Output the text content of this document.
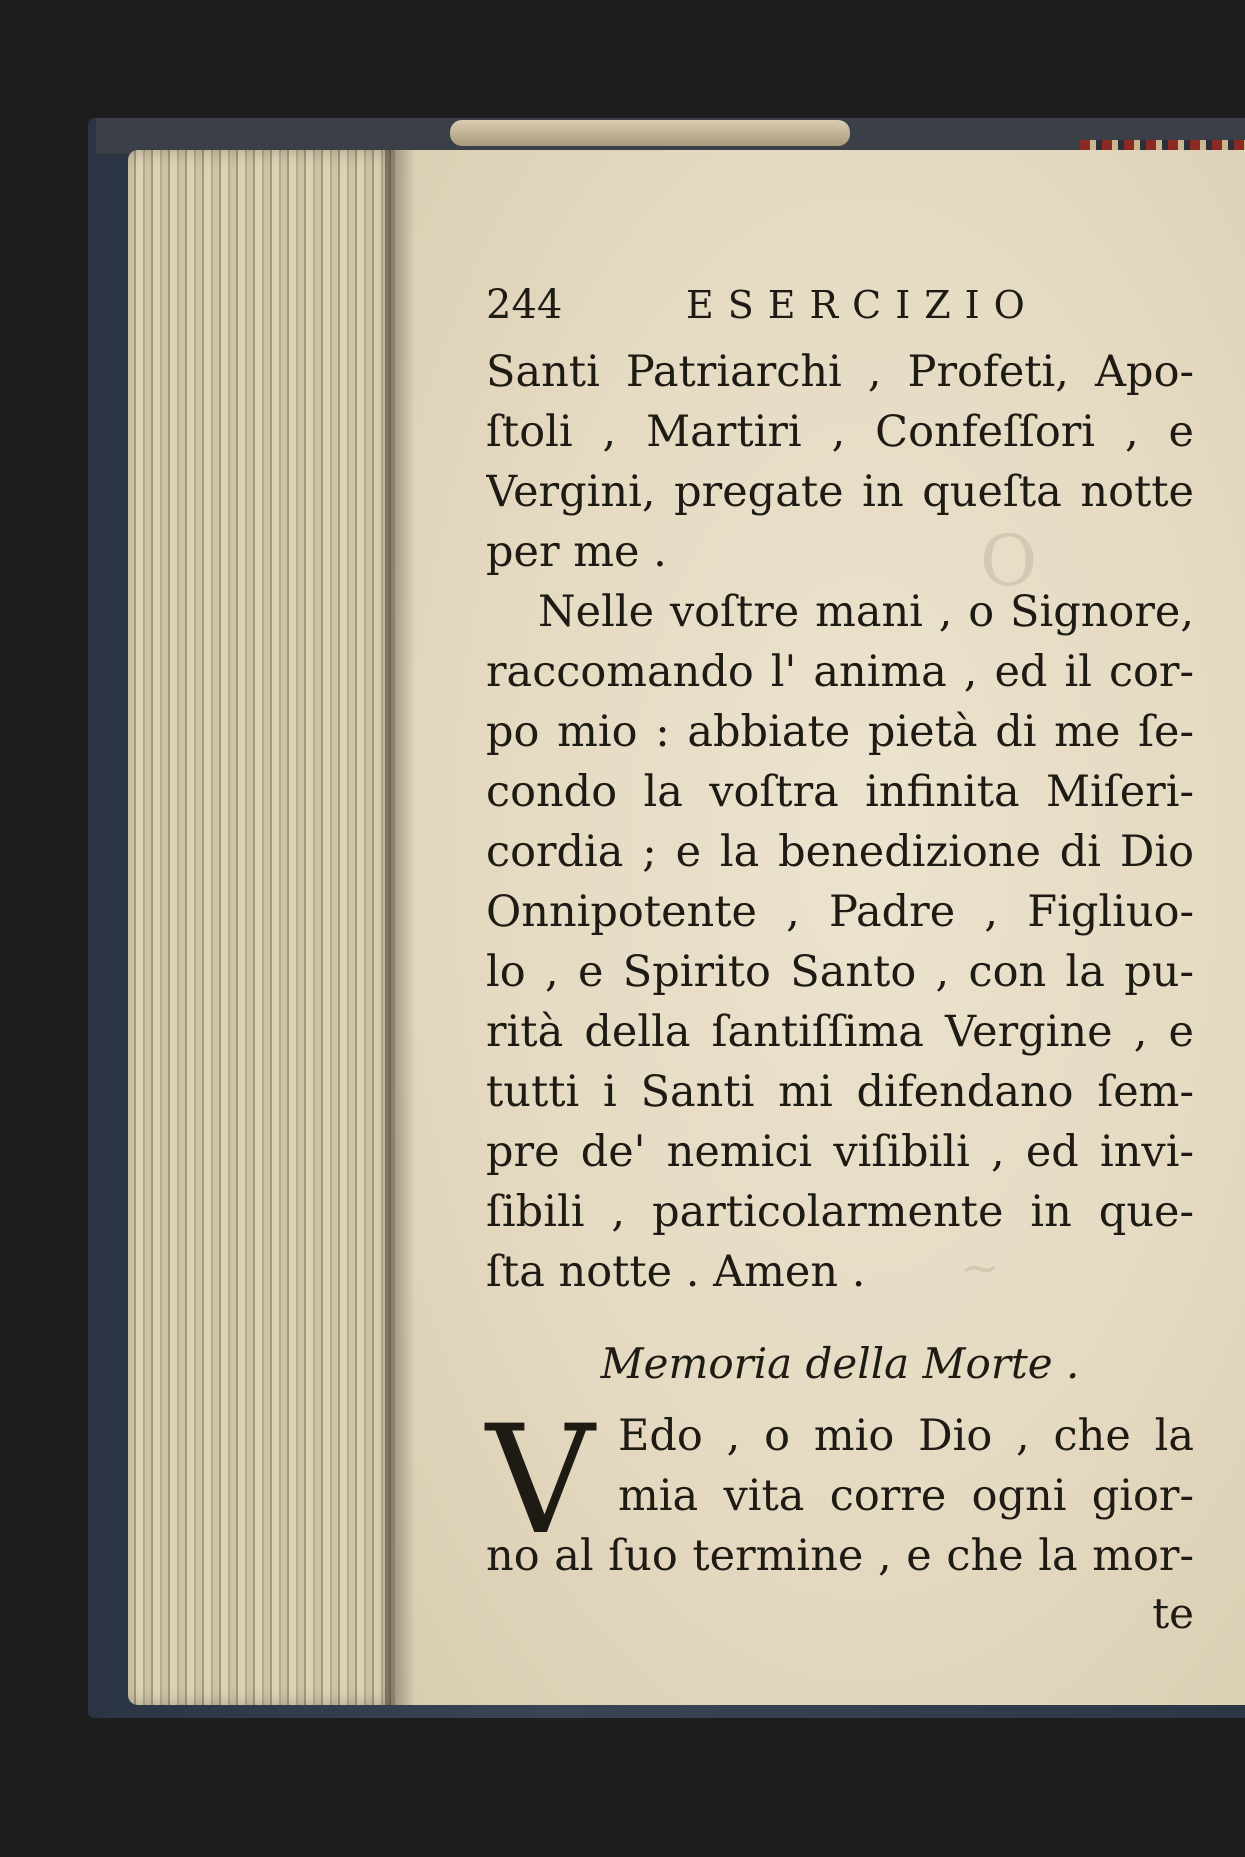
O
~
244	ESERCIZIO
Santi Patriarchi , Profeti, Apo-
ſtoli , Martiri , Confeſſori , e
Vergini, pregate in queſta notte
per me .
Nelle voſtre mani , o Signore,
raccomando l' anima , ed il cor-
po mio : abbiate pietà di me ſe-
condo la voſtra infinita Miſeri-
cordia ; e la benedizione di Dio
Onnipotente , Padre , Figliuo-
lo , e Spirito Santo , con la pu-
rità della ſantiſſima Vergine , e
tutti i Santi mi difendano ſem-
pre de' nemici viſibili , ed invi-
ſibili , particolarmente in que-
ſta notte . Amen .
Memoria della Morte .
V Edo , o mio Dio , che la
mia vita corre ogni gior-
no al ſuo termine , e che la mor-
te
